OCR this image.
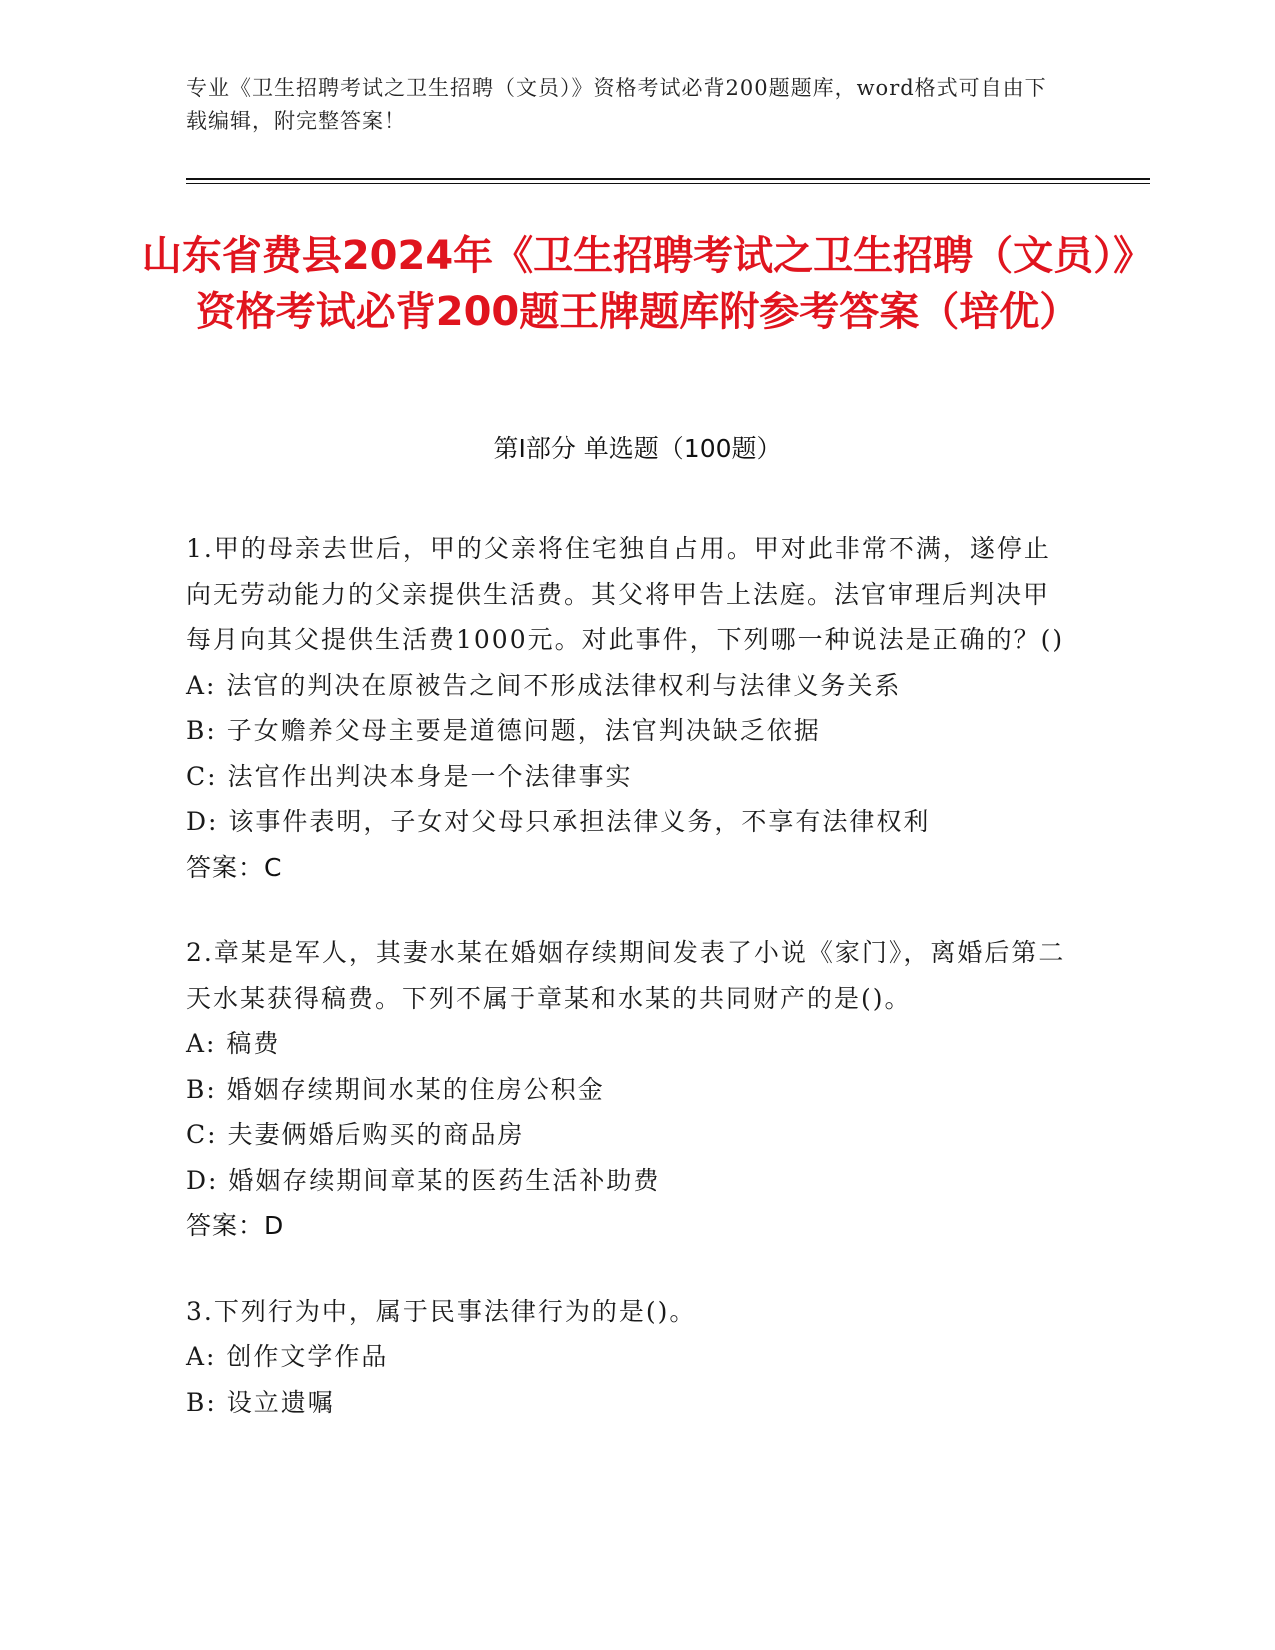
专业《卫生招聘考试之卫生招聘（文员）》资格考试必背200题题库，word格式可自由下载编辑，附完整答案！
山东省费县2024年《卫生招聘考试之卫生招聘（文员）》资格考试必背200题王牌题库附参考答案（培优）
第I部分 单选题（100题）
1.甲的母亲去世后，甲的父亲将住宅独自占用。甲对此非常不满，遂停止向无劳动能力的父亲提供生活费。其父将甲告上法庭。法官审理后判决甲每月向其父提供生活费1000元。对此事件，下列哪一种说法是正确的？()
A: 法官的判决在原被告之间不形成法律权利与法律义务关系
B: 子女赡养父母主要是道德问题，法官判决缺乏依据
C: 法官作出判决本身是一个法律事实
D: 该事件表明，子女对父母只承担法律义务，不享有法律权利
答案：C
2.章某是军人，其妻水某在婚姻存续期间发表了小说《家门》，离婚后第二天水某获得稿费。下列不属于章某和水某的共同财产的是()。
A: 稿费
B: 婚姻存续期间水某的住房公积金
C: 夫妻俩婚后购买的商品房
D: 婚姻存续期间章某的医药生活补助费
答案：D
3.下列行为中，属于民事法律行为的是()。
A: 创作文学作品
B: 设立遗嘱
